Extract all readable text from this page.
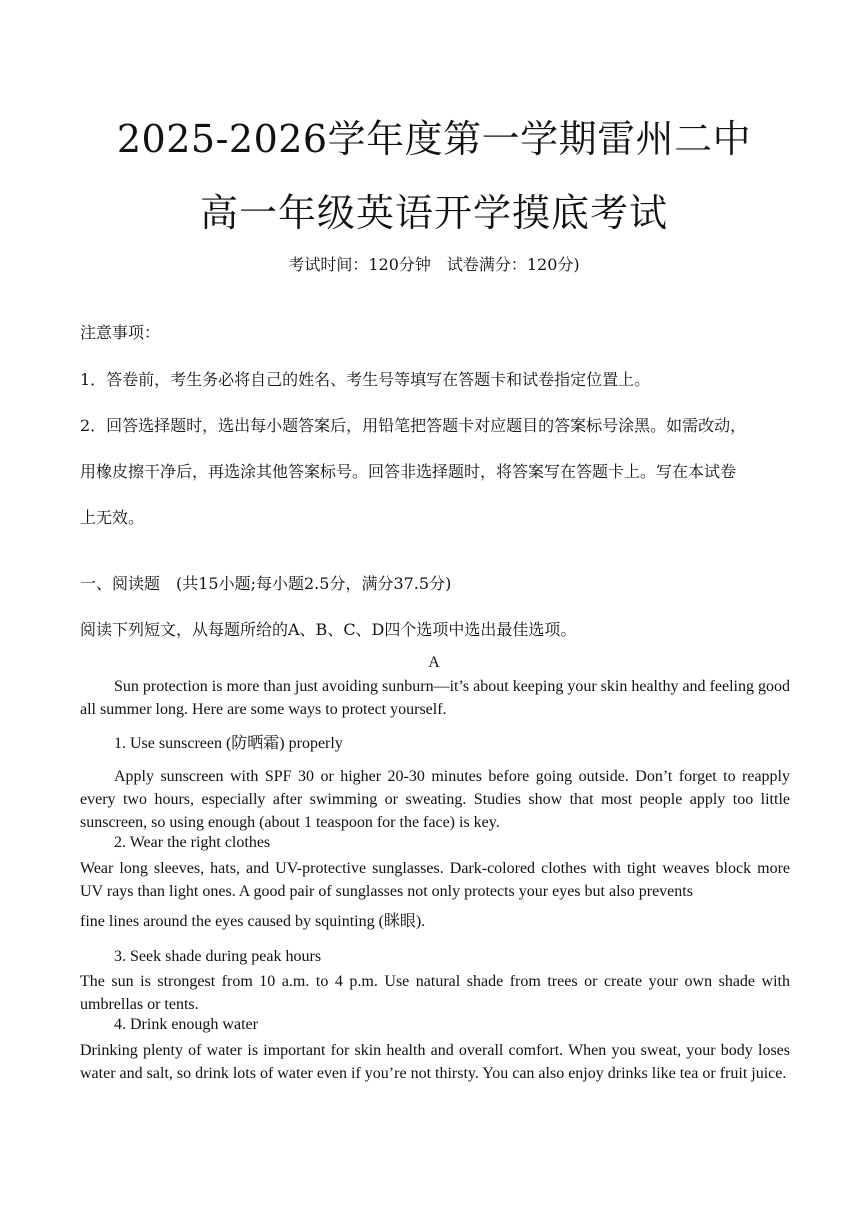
2025-2026学年度第一学期雷州二中
高一年级英语开学摸底考试
考试时间：120分钟　试卷满分：120分)
注意事项：
1．答卷前，考生务必将自己的姓名、考生号等填写在答题卡和试卷指定位置上。
2．回答选择题时，选出每小题答案后，用铅笔把答题卡对应题目的答案标号涂黑。如需改动，
用橡皮擦干净后，再选涂其他答案标号。回答非选择题时，将答案写在答题卡上。写在本试卷
上无效。
一、阅读题　(共15小题;每小题2.5分，满分37.5分)
阅读下列短文，从每题所给的A、B、C、D四个选项中选出最佳选项。
A
Sun protection is more than just avoiding sunburn—it’s about keeping your skin healthy and feeling good all summer long. Here are some ways to protect yourself.
1. Use sunscreen (防晒霜) properly
Apply sunscreen with SPF 30 or higher 20-30 minutes before going outside. Don’t forget to reapply every two hours, especially after swimming or sweating. Studies show that most people apply too little sunscreen, so using enough (about 1 teaspoon for the face) is key.
2. Wear the right clothes
Wear long sleeves, hats, and UV-protective sunglasses. Dark-colored clothes with tight weaves block more UV rays than light ones. A good pair of sunglasses not only protects your eyes but also prevents
fine lines around the eyes caused by squinting (眯眼).
3. Seek shade during peak hours
The sun is strongest from 10 a.m. to 4 p.m. Use natural shade from trees or create your own shade with umbrellas or tents.
4. Drink enough water
Drinking plenty of water is important for skin health and overall comfort. When you sweat, your body loses water and salt, so drink lots of water even if you’re not thirsty. You can also enjoy drinks like tea or fruit juice.
